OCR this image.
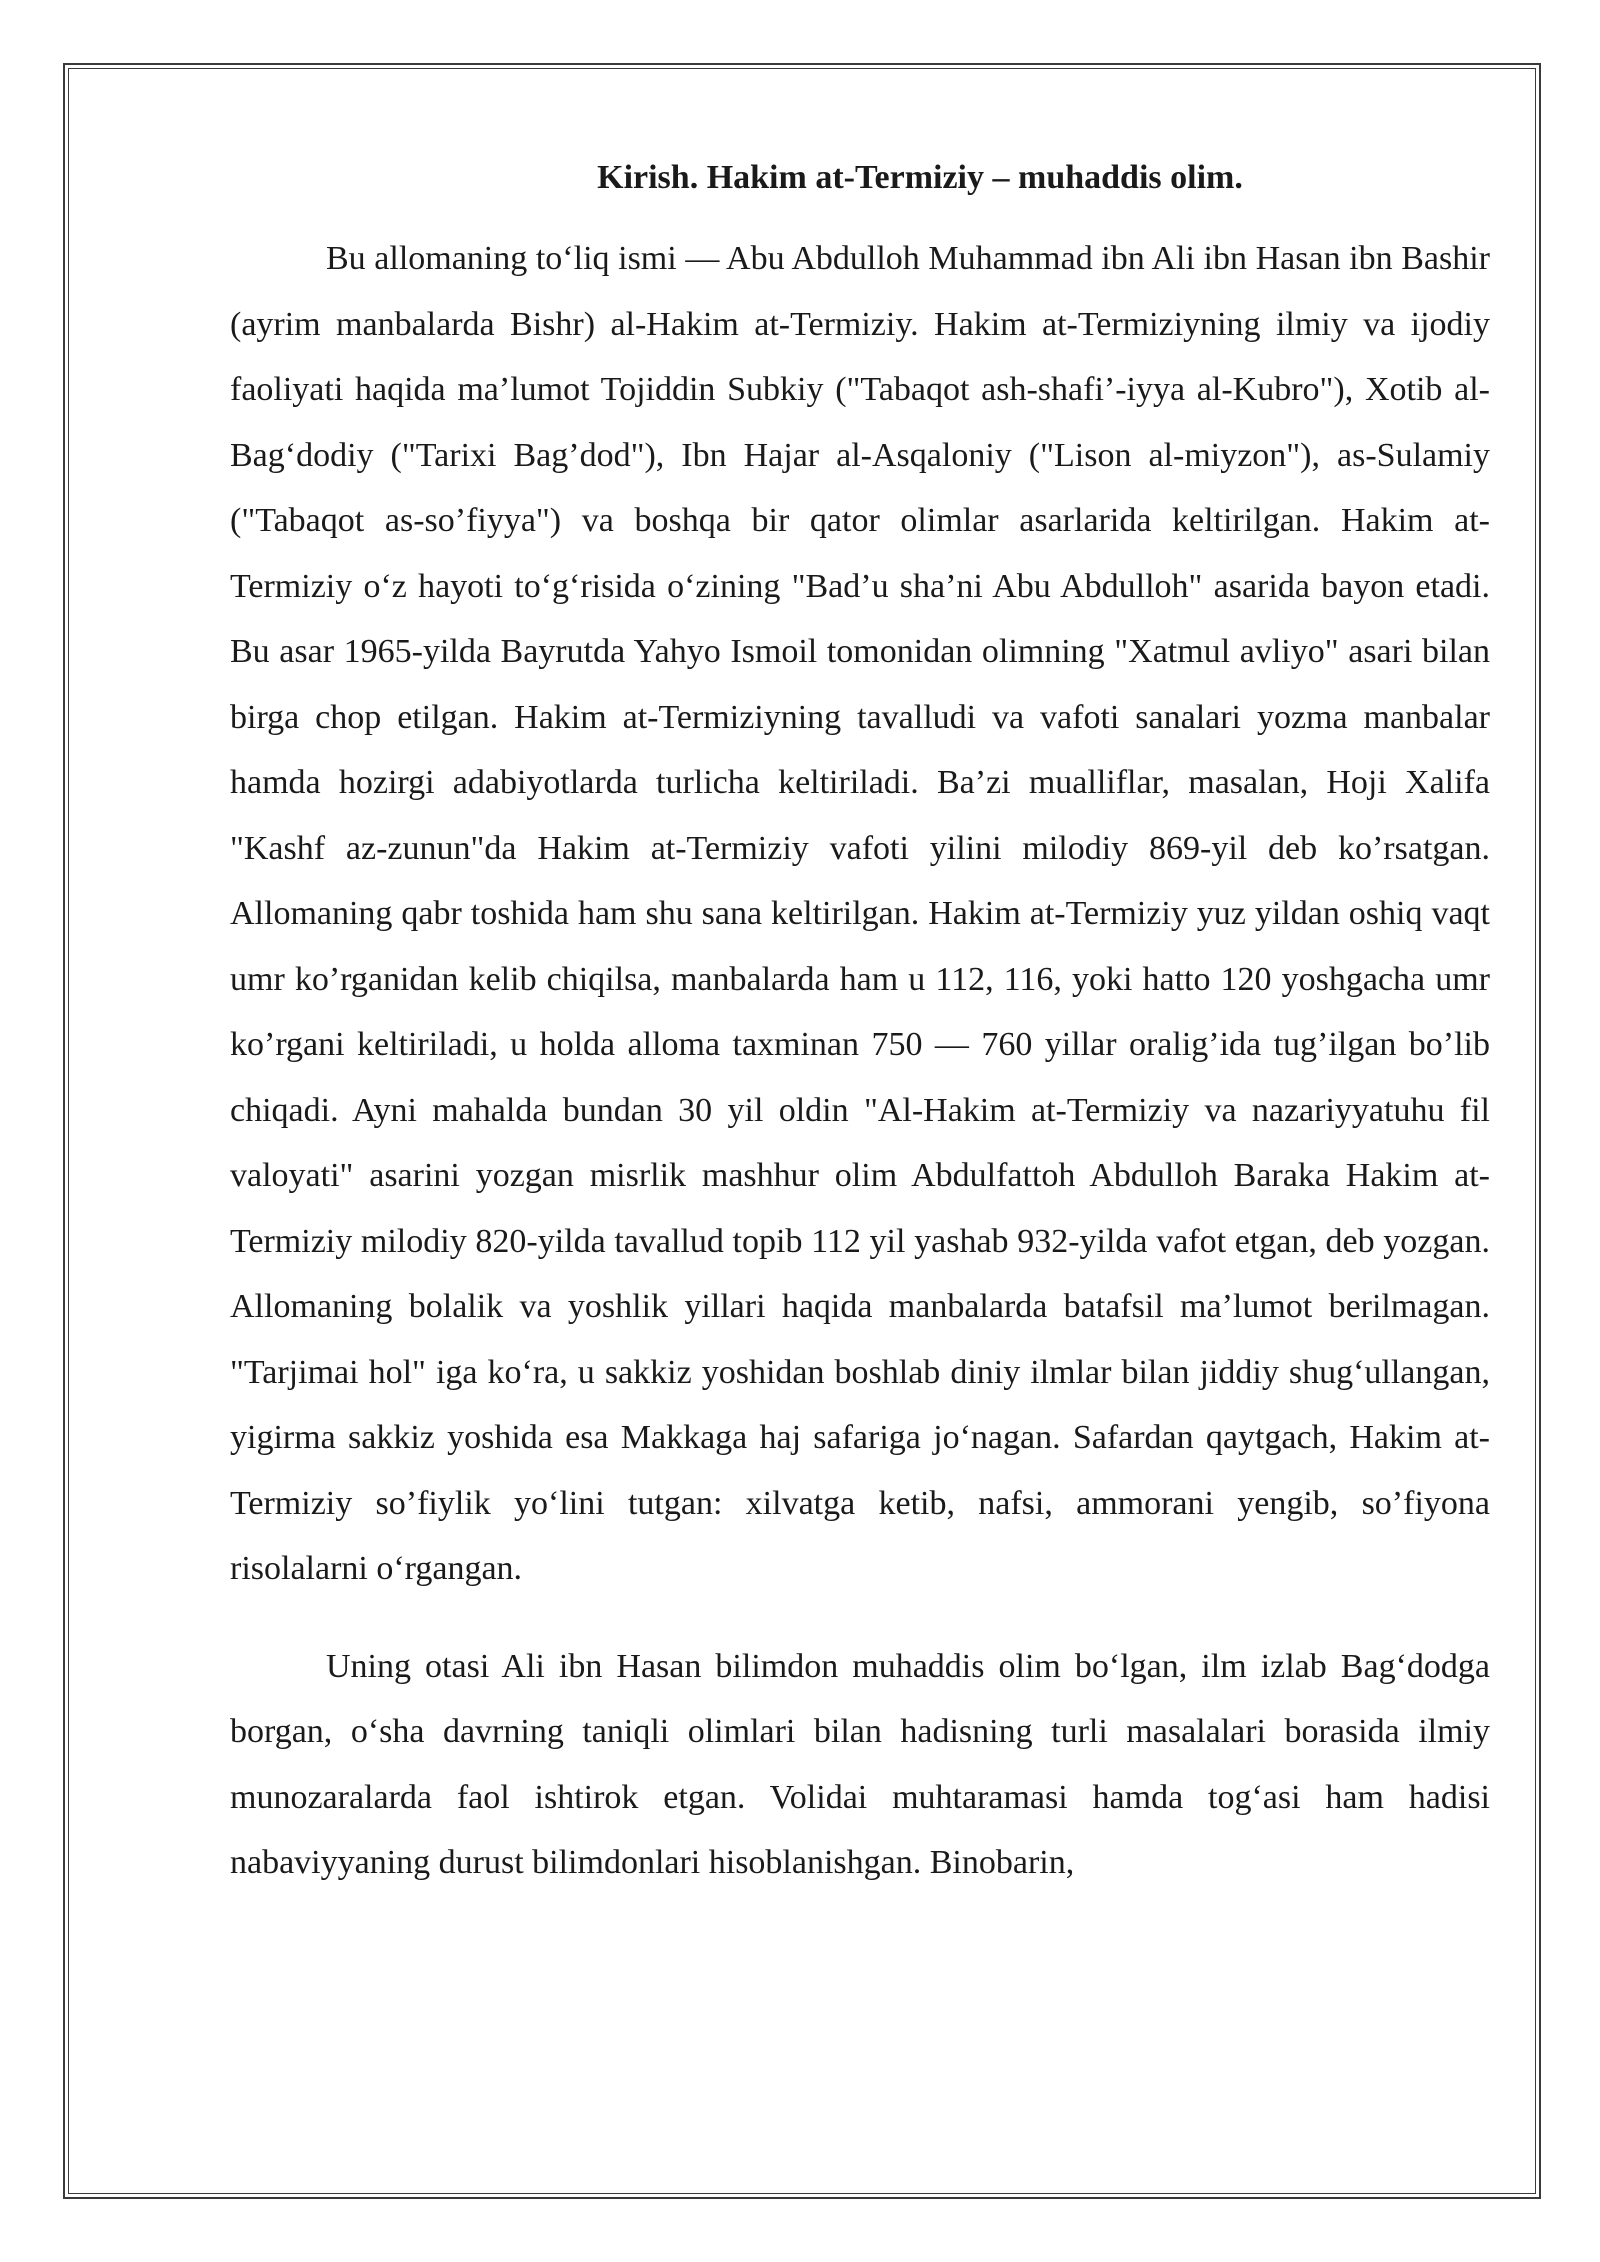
Kirish. Hakim at-Termiziy – muhaddis olim.

Bu allomaning to‘liq ismi — Abu Abdulloh Muhammad ibn Ali ibn Hasan ibn Bashir (ayrim manbalarda Bishr) al-Hakim at-Termiziy. Hakim at-Termiziyning ilmiy va ijodiy faoliyati haqida ma’lumot Tojiddin Subkiy ("Tabaqot ash-shafi’-iyya al-Kubro"), Xotib al-Bag‘dodiy ("Tarixi Bag’dod"), Ibn Hajar al-Asqaloniy ("Lison al-miyzon"), as-Sulamiy ("Tabaqot as-so’fiyya") va boshqa bir qator olimlar asarlarida keltirilgan. Hakim at-Termiziy o‘z hayoti to‘g‘risida o‘zining "Bad’u sha’ni Abu Abdulloh" asarida bayon etadi. Bu asar 1965-yilda Bayrutda Yahyo Ismoil tomonidan olimning "Xatmul avliyo" asari bilan birga chop etilgan. Hakim at-Termiziyning tavalludi va vafoti sanalari yozma manbalar hamda hozirgi adabiyotlarda turlicha keltiriladi. Ba’zi mualliflar, masalan, Hoji Xalifa "Kashf az-zunun"da Hakim at-Termiziy vafoti yilini milodiy 869-yil deb ko’rsatgan. Allomaning qabr toshida ham shu sana keltirilgan. Hakim at-Termiziy yuz yildan oshiq vaqt umr ko’rganidan kelib chiqilsa, manbalarda ham u 112, 116, yoki hatto 120 yoshgacha umr ko’rgani keltiriladi, u holda alloma taxminan 750 — 760 yillar oralig’ida tug’ilgan bo’lib chiqadi. Ayni mahalda bundan 30 yil oldin "Al-Hakim at-Termiziy va nazariyyatuhu fil valoyati" asarini yozgan misrlik mashhur olim Abdulfattoh Abdulloh Baraka Hakim at-Termiziy milodiy 820-yilda tavallud topib 112 yil yashab 932-yilda vafot etgan, deb yozgan. Allomaning bolalik va yoshlik yillari haqida manbalarda batafsil ma’lumot berilmagan. "Tarjimai hol" iga ko‘ra, u sakkiz yoshidan boshlab diniy ilmlar bilan jiddiy shug‘ullangan, yigirma sakkiz yoshida esa Makkaga haj safariga jo‘nagan. Safardan qaytgach, Hakim at-Termiziy so’fiylik yo‘lini tutgan: xilvatga ketib, nafsi, ammorani yengib, so’fiyona risolalarni o‘rgangan.

Uning otasi Ali ibn Hasan bilimdon muhaddis olim bo‘lgan, ilm izlab Bag‘dodga borgan, o‘sha davrning taniqli olimlari bilan hadisning turli masalalari borasida ilmiy munozaralarda faol ishtirok etgan. Volidai muhtaramasi hamda tog‘asi ham hadisi nabaviyyaning durust bilimdonlari hisoblanishgan. Binobarin,
